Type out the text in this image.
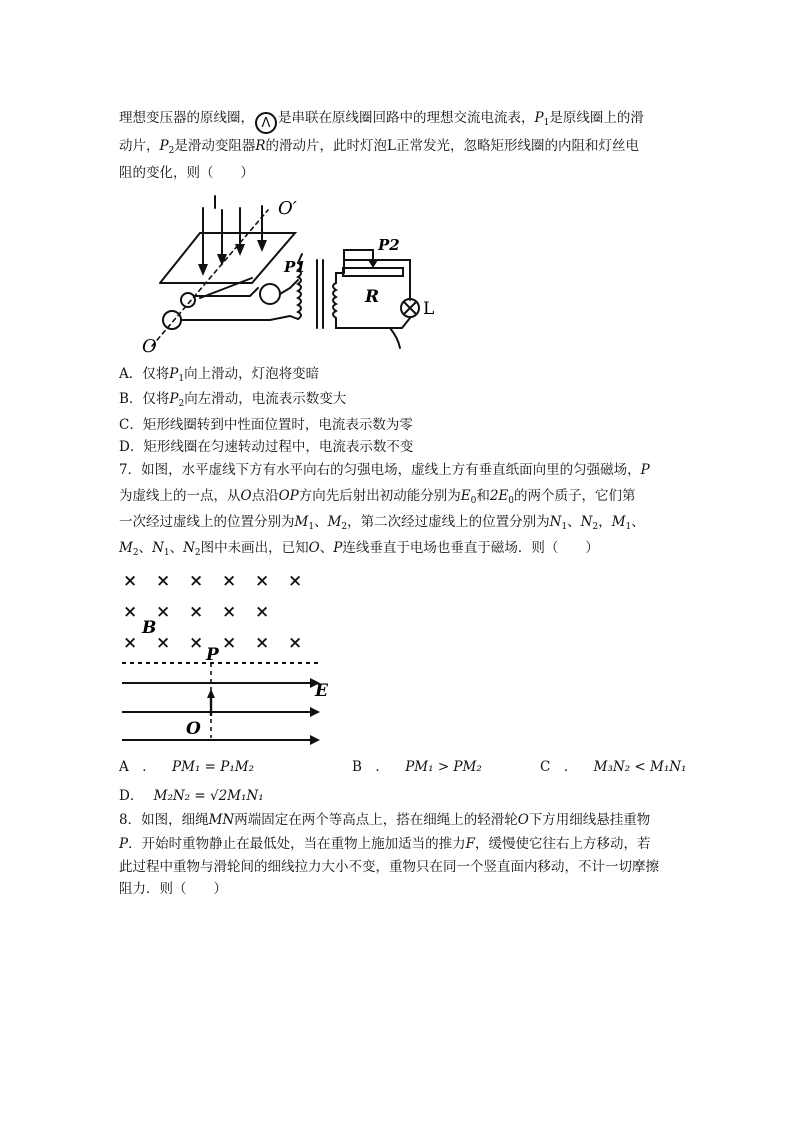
理想变压器的原线圈， Λ 是串联在原线圈回路中的理想交流电流表，$P_1$是原线圈上的滑
动片，$P_2$是滑动变阻器R的滑动片，此时灯泡L正常发光，忽略矩形线圈的内阻和灯丝电
阻的变化，则（　　）
O′
O
P1
P2
R
L
A．仅将$P_1$向上滑动，灯泡将变暗
B．仅将$P_2$向左滑动，电流表示数变大
C．矩形线圈转到中性面位置时，电流表示数为零
D．矩形线圈在匀速转动过程中，电流表示数不变
7．如图，水平虚线下方有水平向右的匀强电场，虚线上方有垂直纸面向里的匀强磁场，P
为虚线上的一点，从O点沿OP方向先后射出初动能分别为$E_0$和$2E_0$的两个质子，它们第
一次经过虚线上的位置分别为$M_1$、$M_2$，第二次经过虚线上的位置分别为$N_1$、$N_2$，$M_1$、
$M_2$、$N_1$、$N_2$图中未画出，已知O、P连线垂直于电场也垂直于磁场．则（　　）
× × × × × ×
× × × × ×
× × × × × ×
B
P
E
O
A　． PM₁ = P₁M₂	B　． PM₁ > PM₂	C　． M₃N₂ < M₁N₁
D． M₂N₂ = √2M₁N₁
8．如图，细绳MN两端固定在两个等高点上，搭在细绳上的轻滑轮O下方用细线悬挂重物
P．开始时重物静止在最低处，当在重物上施加适当的推力F，缓慢使它往右上方移动，若
此过程中重物与滑轮间的细线拉力大小不变，重物只在同一个竖直面内移动，不计一切摩擦
阻力．则（　　）
